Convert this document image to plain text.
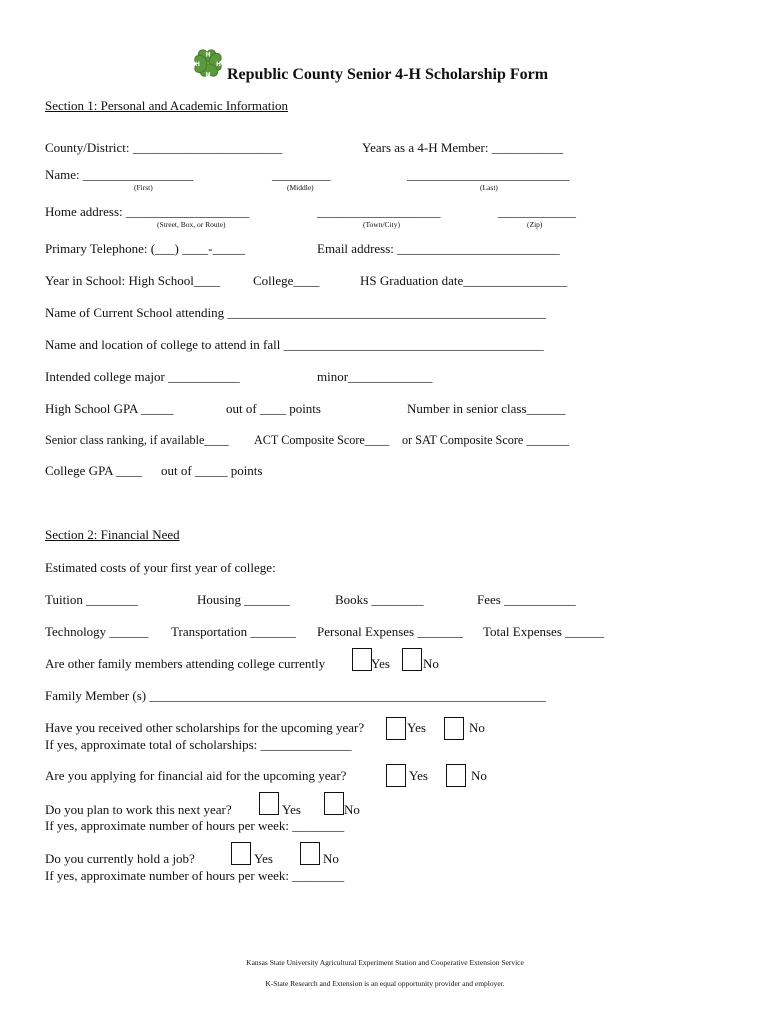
H
H
H	H
Republic County Senior 4-H Scholarship Form
Section 1: Personal and Academic Information
County/District: _______________________	Years as a 4-H Member: ___________
Name: _________________	_________	_________________________
(First)	(Middle)	(Last)
Home address: ___________________	___________________	____________
(Street, Box, or Route)	(Town/City)	(Zip)
Primary Telephone: (___) ____-_____	Email address: _________________________
Year in School: High School____	College____	HS Graduation date________________
Name of Current School attending _________________________________________________
Name and location of college to attend in fall ________________________________________
Intended college major ___________	minor_____________
High School GPA _____	out of ____ points	Number in senior class______
Senior class ranking, if available____ ACT Composite Score____ or SAT Composite Score _______
College GPA ____ out of _____ points
Section 2: Financial Need
Estimated costs of your first year of college:
Tuition ________	Housing _______	Books ________	Fees ___________
Technology ______ Transportation _______ Personal Expenses _______ Total Expenses ______
Are other family members attending college currently	Yes	No
Family Member (s) _____________________________________________________________
Have you received other scholarships for the upcoming year?	Yes	No
If yes, approximate total of scholarships: ______________
Are you applying for financial aid for the upcoming year?	Yes	No
Do you plan to work this next year?	Yes	No
If yes, approximate number of hours per week: ________
Do you currently hold a job?	Yes	No
If yes, approximate number of hours per week: ________
Kansas State University Agricultural Experiment Station and Cooperative Extension Service
K-State Research and Extension is an equal opportunity provider and employer.
